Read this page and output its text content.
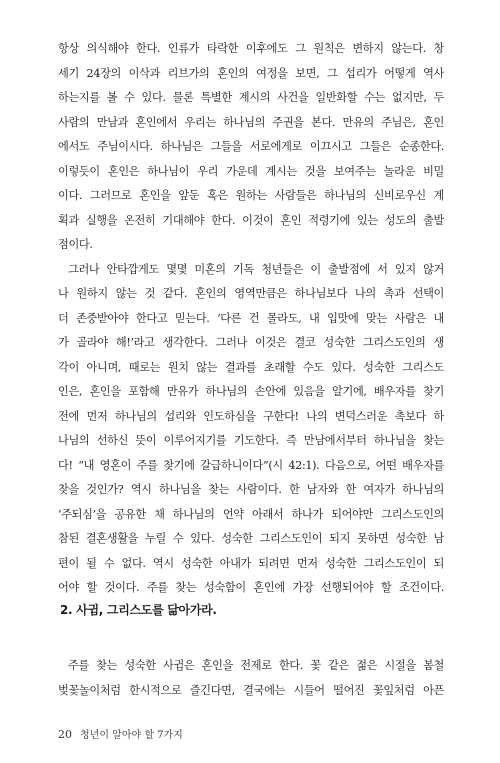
항상 의식해야 한다. 인류가 타락한 이후에도 그 원칙은 변하지 않는다. 창
세기 24장의 이삭과 리브가의 혼인의 여정을 보면, 그 섭리가 어떻게 역사
하는지를 볼 수 있다. 물론 특별한 계시의 사건을 일반화할 수는 없지만, 두
사람의 만남과 혼인에서 우리는 하나님의 주권을 본다. 만유의 주님은, 혼인
에서도 주님이시다. 하나님은 그들을 서로에게로 이끄시고 그들은 순종한다.
이렇듯이 혼인은 하나님이 우리 가운데 계시는 것을 보여주는 놀라운 비밀
이다. 그러므로 혼인을 앞둔 혹은 원하는 사람들은 하나님의 신비로우신 계
획과 실행을 온전히 기대해야 한다. 이것이 혼인 적령기에 있는 성도의 출발
점이다.
그러나 안타깝게도 몇몇 미혼의 기독 청년들은 이 출발점에 서 있지 않거
나 원하지 않는 것 같다. 혼인의 영역만큼은 하나님보다 나의 촉과 선택이
더 존중받아야 한다고 믿는다. ‘다른 건 몰라도, 내 입맛에 맞는 사람은 내
가 골라야 해!’라고 생각한다. 그러나 이것은 결코 성숙한 그리스도인의 생
각이 아니며, 때로는 원치 않는 결과를 초래할 수도 있다. 성숙한 그리스도
인은, 혼인을 포함해 만유가 하나님의 손안에 있음을 알기에, 배우자를 찾기
전에 먼저 하나님의 섭리와 인도하심을 구한다! 나의 변덕스러운 촉보다 하
나님의 선하신 뜻이 이루어지기를 기도한다. 즉 만남에서부터 하나님을 찾는
다! “내 영혼이 주를 찾기에 갈급하니이다”(시 42:1). 다음으로, 어떤 배우자를
찾을 것인가? 역시 하나님을 찾는 사람이다. 한 남자와 한 여자가 하나님의
‘주되심’을 공유한 채 하나님의 언약 아래서 하나가 되어야만 그리스도인의
참된 결혼생활을 누릴 수 있다. 성숙한 그리스도인이 되지 못하면 성숙한 남
편이 될 수 없다. 역시 성숙한 아내가 되려면 먼저 성숙한 그리스도인이 되
어야 할 것이다. 주를 찾는 성숙함이 혼인에 가장 선행되어야 할 조건이다.
2. 사귐, 그리스도를 닮아가라.
주를 찾는 성숙한 사귐은 혼인을 전제로 한다. 꽃 같은 젊은 시절을 봄철
벚꽃놀이처럼 한시적으로 즐긴다면, 결국에는 시들어 떨어진 꽃잎처럼 아픈
20 청년이 알아야 할 7가지
